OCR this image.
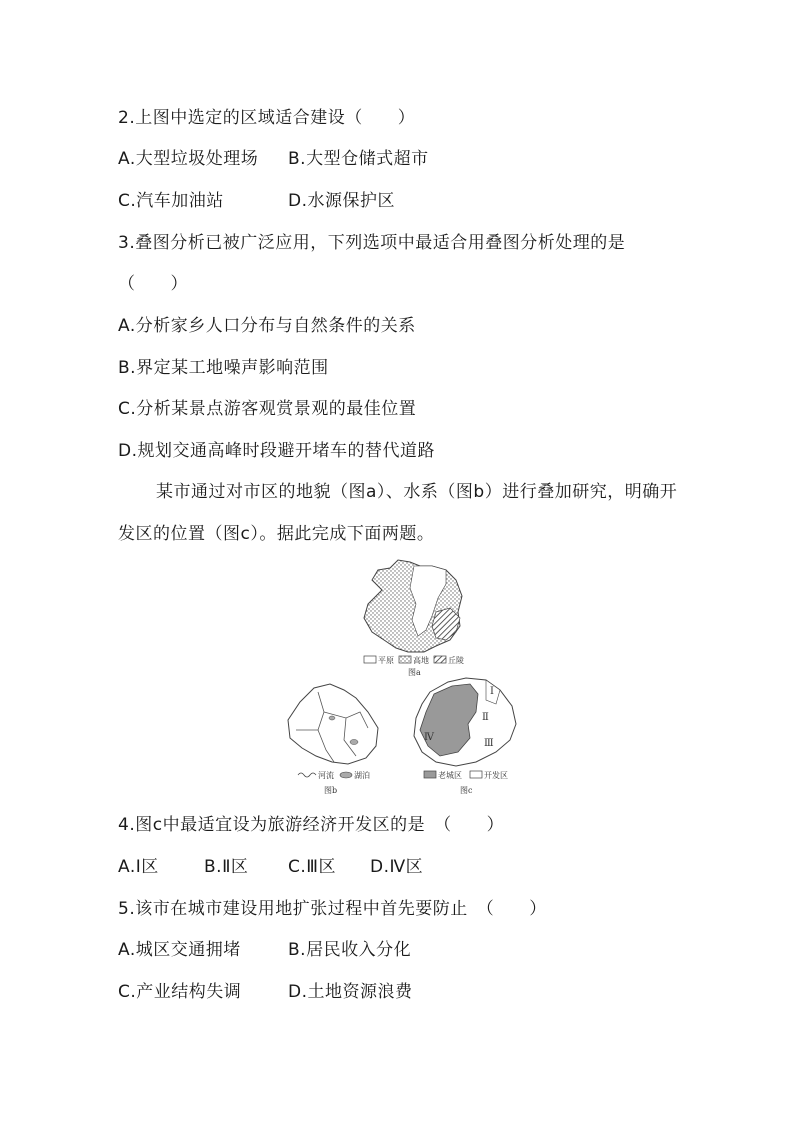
2.上图中选定的区域适合建设（　　）
A.大型垃圾处理场 B.大型仓储式超市
C.汽车加油站	D.水源保护区
3.叠图分析已被广泛应用，下列选项中最适合用叠图分析处理的是
（　　）
A.分析家乡人口分布与自然条件的关系
B.界定某工地噪声影响范围
C.分析某景点游客观赏景观的最佳位置
D.规划交通高峰时段避开堵车的替代道路
某市通过对市区的地貌（图a）、水系（图b）进行叠加研究，明确开
发区的位置（图c）。据此完成下面两题。
平原 高地 丘陵
图a
河流	湖泊
图b
Ⅰ
Ⅱ
Ⅲ
Ⅳ
老城区	开发区
图c
4.图c中最适宜设为旅游经济开发区的是　（　　）
A.Ⅰ区	B.Ⅱ区 C.Ⅲ区 D.Ⅳ区
5.该市在城市建设用地扩张过程中首先要防止　（　　）
A.城区交通拥堵	B.居民收入分化
C.产业结构失调	D.土地资源浪费
